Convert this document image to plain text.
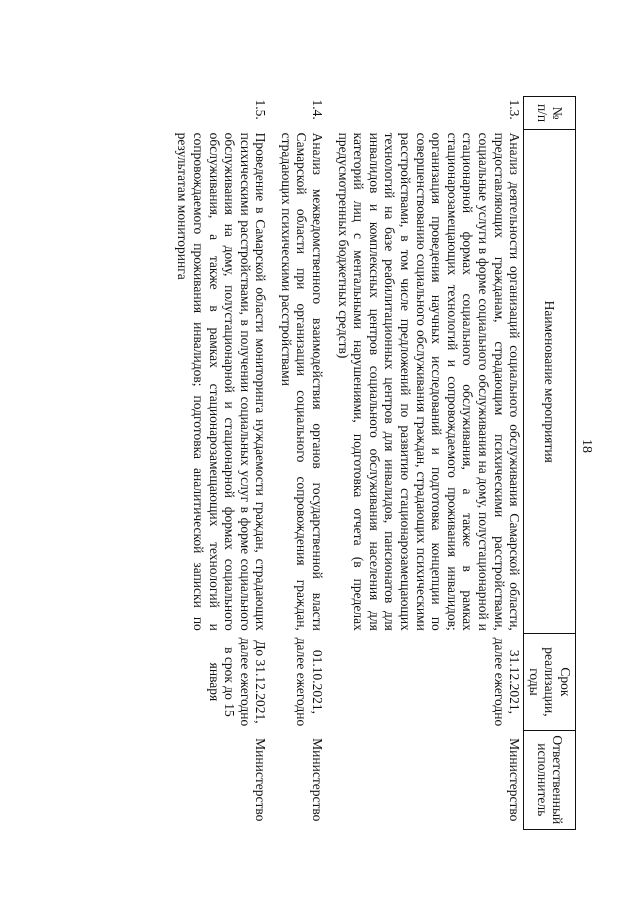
18
№ п/п	Наименование мероприятия	Срок реализации, годы	Ответственный исполнитель
1.3.	Анализ деятельности организаций социального обслуживания Самарской области, предоставляющих гражданам, страдающим психическими расстройствами, социальные услуги в форме социального обслуживания на дому, полустационарной и стационарной формах социального обслуживания, а также в рамках стационарозамещающих технологий и сопровождаемого проживания инвалидов; организация проведения научных исследований и подготовка концепции по совершенствованию социального обслуживания граждан, страдающих психическими расстройствами, в том числе предложений по развитию стационарозамещающих технологий на базе реабилитационных центров для инвалидов, пансионатов для инвалидов и комплексных центров социального обслуживания населения для категорий лиц с ментальными нарушениями, подготовка отчета (в пределах предусмотренных бюджетных средств)	31.12.2021, далее ежегодно	Министерство

1.4.	Анализ межведомственного взаимодействия органов государственной власти Самарской области при организации социального сопровождения граждан, страдающих психическими расстройствами	01.10.2021, далее ежегодно	Министерство

1.5.	Проведение в Самарской области мониторинга нуждаемости граждан, страдающих психическими расстройствами, в получении социальных услуг в форме социального обслуживания на дому, полустационарной и стационарной формах социального обслуживания, а также в рамках стационарозамещающих технологий и сопровождаемого проживания инвалидов; подготовка аналитической записки по результатам мониторинга	До 31.12.2021, далее ежегодно в срок до 15 января	Министерство
